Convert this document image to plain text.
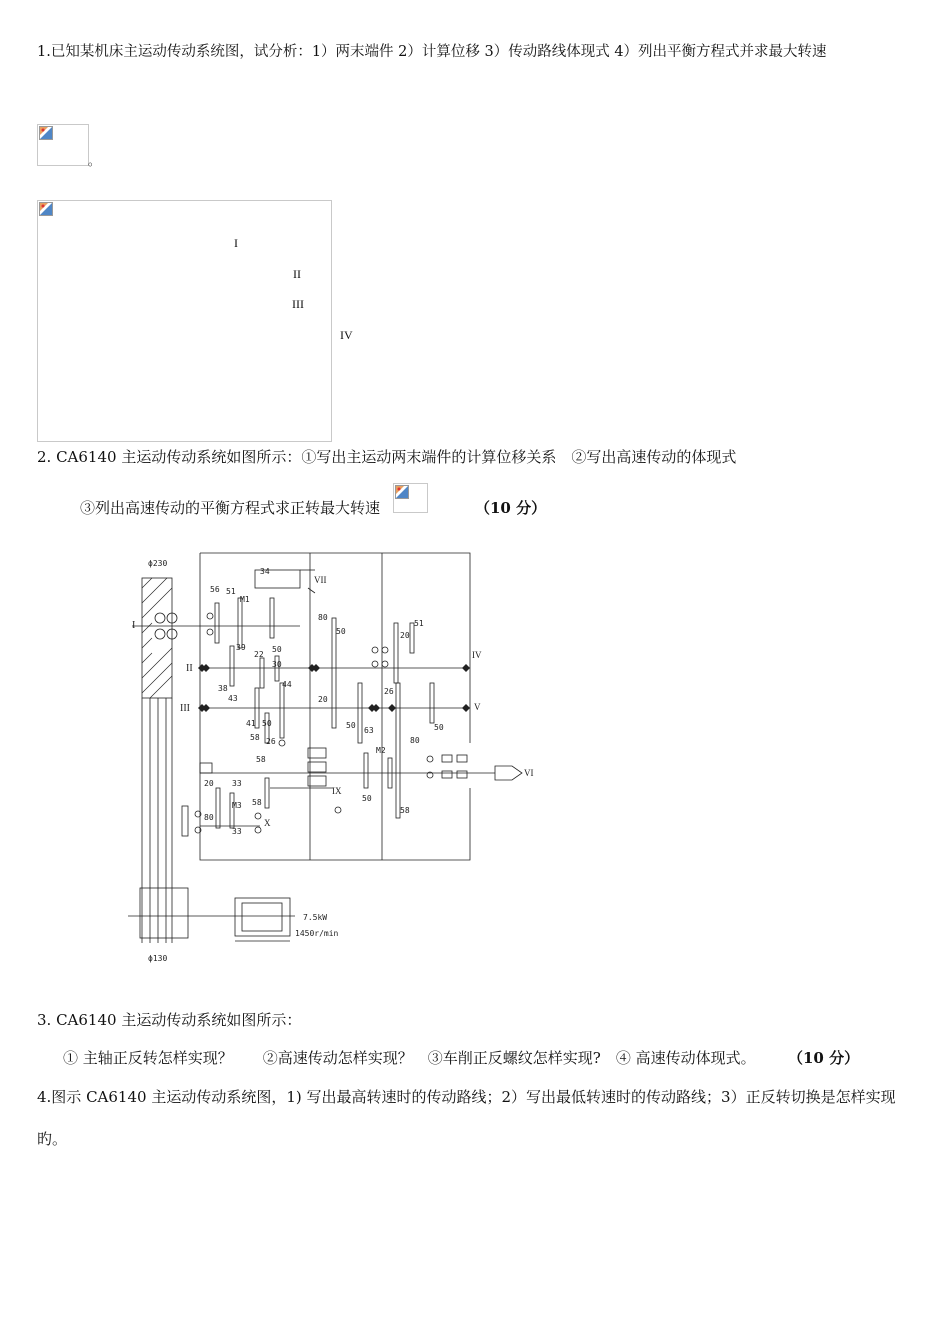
1.已知某机床主运动传动系统图，试分析：1）两末端件 2）计算位移 3）传动路线体现式 4）列出平衡方程式并求最大转速
。
I
II
III
IV
2. CA6140 主运动传动系统如图所示：①写出主运动两末端件的计算位移关系　②写出高速传动的体现式
③列出高速传动的平衡方程式求正转最大转速	（10 分）
ϕ230
ϕ130
7.5kW
1450r/min
I
II
III
VII
IV
V
VI
IX
X
56 51
34
M1
39
22
30
50
38
43
44
41
58
50
20
80
50
51
20
50
80
63
26
50
M2
58
33
M3
33
58	50
58
26
20
80
3. CA6140 主运动传动系统如图所示：
① 主轴正反转怎样实现？　　②高速传动怎样实现？　③车削正反螺纹怎样实现?　④ 高速传动体现式。 （10 分）
4.图示 CA6140 主运动传动系统图，1) 写出最高转速时的传动路线；2）写出最低转速时的传动路线；3）正反转切换是怎样实现
旳。
